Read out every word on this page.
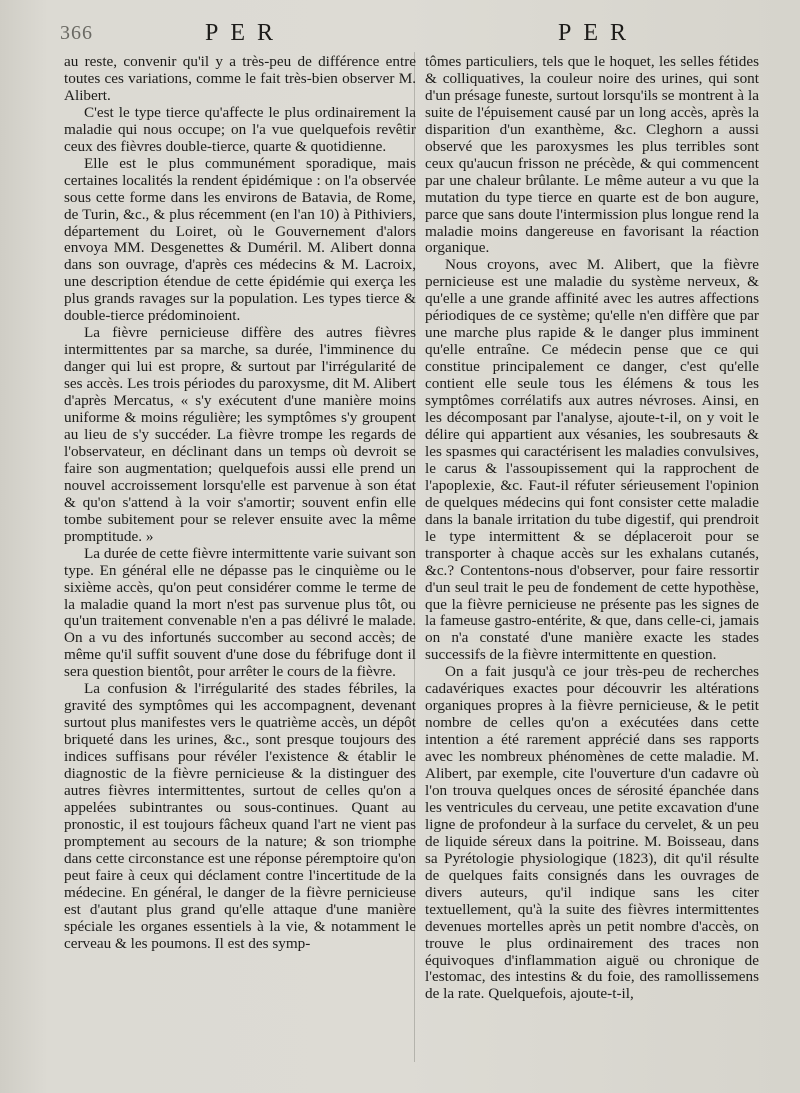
366	PER	PER

au reste, convenir qu'il y a très-peu de différence entre toutes ces variations, comme le fait très-bien observer M. Alibert.

C'est le type tierce qu'affecte le plus ordinairement la maladie qui nous occupe; on l'a vue quelquefois revêtir ceux des fièvres double-tierce, quarte & quotidienne.

Elle est le plus communément sporadique, mais certaines localités la rendent épidémique : on l'a observée sous cette forme dans les environs de Batavia, de Rome, de Turin, &c., & plus récemment (en l'an 10) à Pithiviers, département du Loiret, où le Gouvernement d'alors envoya MM. Desgenettes & Duméril. M. Alibert donna dans son ouvrage, d'après ces médecins & M. Lacroix, une description étendue de cette épidémie qui exerça les plus grands ravages sur la population. Les types tierce & double-tierce prédominoient.

La fièvre pernicieuse diffère des autres fièvres intermittentes par sa marche, sa durée, l'imminence du danger qui lui est propre, & surtout par l'irrégularité de ses accès. Les trois périodes du paroxysme, dit M. Alibert d'après Mercatus, « s'y exécutent d'une manière moins uniforme & moins régulière; les symptômes s'y groupent au lieu de s'y succéder. La fièvre trompe les regards de l'observateur, en déclinant dans un temps où devroit se faire son augmentation; quelquefois aussi elle prend un nouvel accroissement lorsqu'elle est parvenue à son état & qu'on s'attend à la voir s'amortir; souvent enfin elle tombe subitement pour se relever ensuite avec la même promptitude. »

La durée de cette fièvre intermittente varie suivant son type. En général elle ne dépasse pas le cinquième ou le sixième accès, qu'on peut considérer comme le terme de la maladie quand la mort n'est pas survenue plus tôt, ou qu'un traitement convenable n'en a pas délivré le malade. On a vu des infortunés succomber au second accès; de même qu'il suffit souvent d'une dose du fébrifuge dont il sera question bientôt, pour arrêter le cours de la fièvre.

La confusion & l'irrégularité des stades fébriles, la gravité des symptômes qui les accompagnent, devenant surtout plus manifestes vers le quatrième accès, un dépôt briqueté dans les urines, &c., sont presque toujours des indices suffisans pour révéler l'existence & établir le diagnostic de la fièvre pernicieuse & la distinguer des autres fièvres intermittentes, surtout de celles qu'on a appelées subintrantes ou sous-continues. Quant au pronostic, il est toujours fâcheux quand l'art ne vient pas promptement au secours de la nature; & son triomphe dans cette circonstance est une réponse péremptoire qu'on peut faire à ceux qui déclament contre l'incertitude de la médecine. En général, le danger de la fièvre pernicieuse est d'autant plus grand qu'elle attaque d'une manière spéciale les organes essentiels à la vie, & notamment le cerveau & les poumons. Il est des symp-

tômes particuliers, tels que le hoquet, les selles fétides & colliquatives, la couleur noire des urines, qui sont d'un présage funeste, surtout lorsqu'ils se montrent à la suite de l'épuisement causé par un long accès, après la disparition d'un exanthème, &c. Cleghorn a aussi observé que les paroxysmes les plus terribles sont ceux qu'aucun frisson ne précède, & qui commencent par une chaleur brûlante. Le même auteur a vu que la mutation du type tierce en quarte est de bon augure, parce que sans doute l'intermission plus longue rend la maladie moins dangereuse en favorisant la réaction organique.

Nous croyons, avec M. Alibert, que la fièvre pernicieuse est une maladie du système nerveux, & qu'elle a une grande affinité avec les autres affections périodiques de ce système; qu'elle n'en diffère que par une marche plus rapide & le danger plus imminent qu'elle entraîne. Ce médecin pense que ce qui constitue principalement ce danger, c'est qu'elle contient elle seule tous les élémens & tous les symptômes corrélatifs aux autres névroses. Ainsi, en les décomposant par l'analyse, ajoute-t-il, on y voit le délire qui appartient aux vésanies, les soubresauts & les spasmes qui caractérisent les maladies convulsives, le carus & l'assoupissement qui la rapprochent de l'apoplexie, &c. Faut-il réfuter sérieusement l'opinion de quelques médecins qui font consister cette maladie dans la banale irritation du tube digestif, qui prendroit le type intermittent & se déplaceroit pour se transporter à chaque accès sur les exhalans cutanés, &c.? Contentons-nous d'observer, pour faire ressortir d'un seul trait le peu de fondement de cette hypothèse, que la fièvre pernicieuse ne présente pas les signes de la fameuse gastro-entérite, & que, dans celle-ci, jamais on n'a constaté d'une manière exacte les stades successifs de la fièvre intermittente en question.

On a fait jusqu'à ce jour très-peu de recherches cadavériques exactes pour découvrir les altérations organiques propres à la fièvre pernicieuse, & le petit nombre de celles qu'on a exécutées dans cette intention a été rarement apprécié dans ses rapports avec les nombreux phénomènes de cette maladie. M. Alibert, par exemple, cite l'ouverture d'un cadavre où l'on trouva quelques onces de sérosité épanchée dans les ventricules du cerveau, une petite excavation d'une ligne de profondeur à la surface du cervelet, & un peu de liquide séreux dans la poitrine. M. Boisseau, dans sa Pyrétologie physiologique (1823), dit qu'il résulte de quelques faits consignés dans les ouvrages de divers auteurs, qu'il indique sans les citer textuellement, qu'à la suite des fièvres intermittentes devenues mortelles après un petit nombre d'accès, on trouve le plus ordinairement des traces non équivoques d'inflammation aiguë ou chronique de l'estomac, des intestins & du foie, des ramollissemens de la rate. Quelquefois, ajoute-t-il,
